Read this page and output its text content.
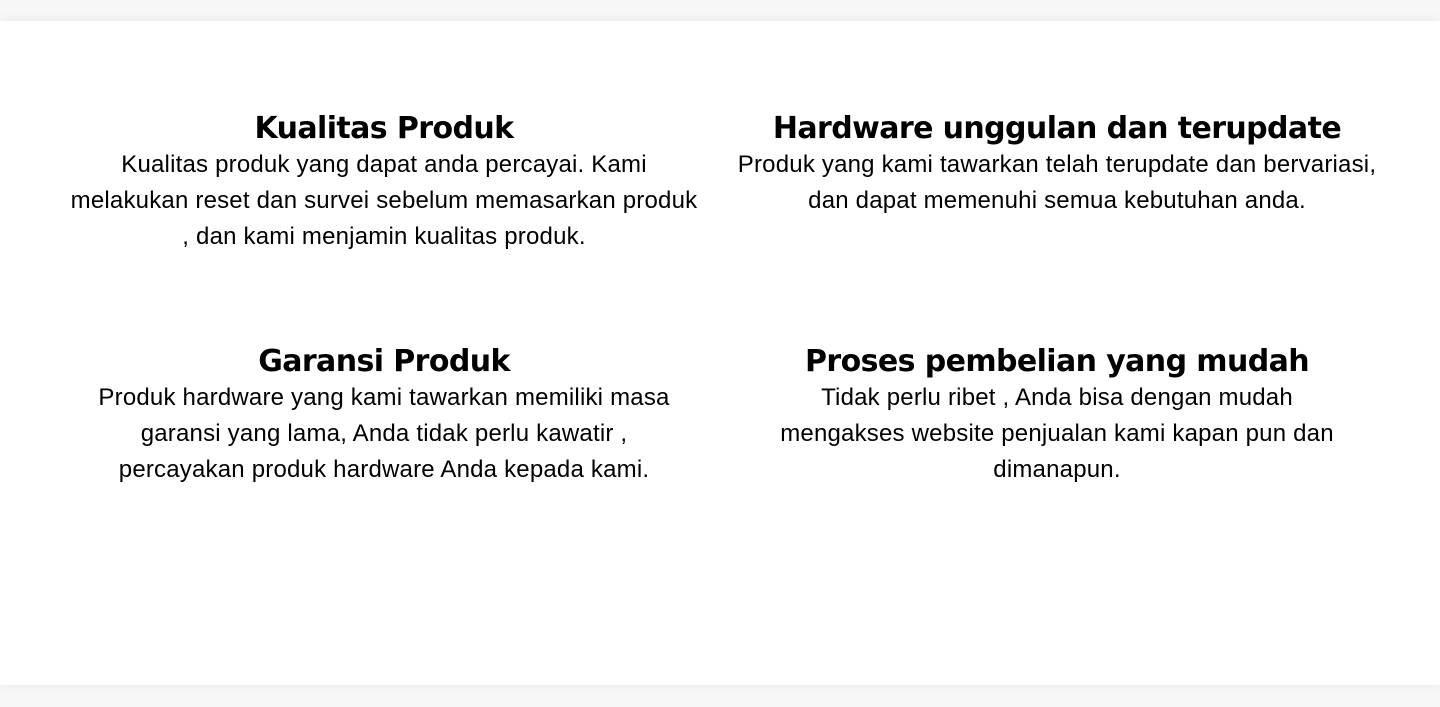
Kualitas Produk

Kualitas produk yang dapat anda percayai. Kami melakukan reset dan survei sebelum memasarkan produk , dan kami menjamin kualitas produk.

Hardware unggulan dan terupdate

Produk yang kami tawarkan telah terupdate dan bervariasi, dan dapat memenuhi semua kebutuhan anda.

Garansi Produk

Produk hardware yang kami tawarkan memiliki masa garansi yang lama, Anda tidak perlu kawatir , percayakan produk hardware Anda kepada kami.

Proses pembelian yang mudah

Tidak perlu ribet , Anda bisa dengan mudah mengakses website penjualan kami kapan pun dan dimanapun.
